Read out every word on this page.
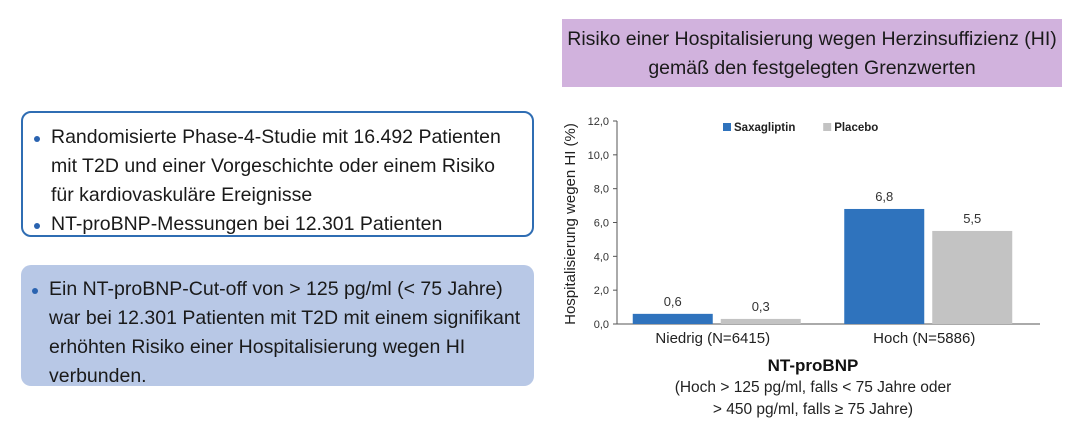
Randomisierte Phase-4-Studie mit 16.492 Patienten mit T2D und einer Vorgeschichte oder einem Risiko für kardiovaskuläre Ereignisse
NT-proBNP-Messungen bei 12.301 Patienten
Ein NT-proBNP-Cut-off von > 125 pg/ml (< 75 Jahre) war bei 12.301 Patienten mit T2D mit einem signifikant erhöhten Risiko einer Hospitalisierung wegen HI verbunden.
Risiko einer Hospitalisierung wegen Herzinsuffizienz (HI) gemäß den festgelegten Grenzwerten
0,0
2,0
4,0
6,0
8,0
10,0
12,0
Hospitalisierung wegen HI (%)	0,6	0,3
Niedrig (N=6415)
6,8
5,5
Hoch (N=5886)
Saxagliptin	Placebo
NT-proBNP
(Hoch > 125 pg/ml, falls < 75 Jahre oder
> 450 pg/ml, falls ≥ 75 Jahre)
